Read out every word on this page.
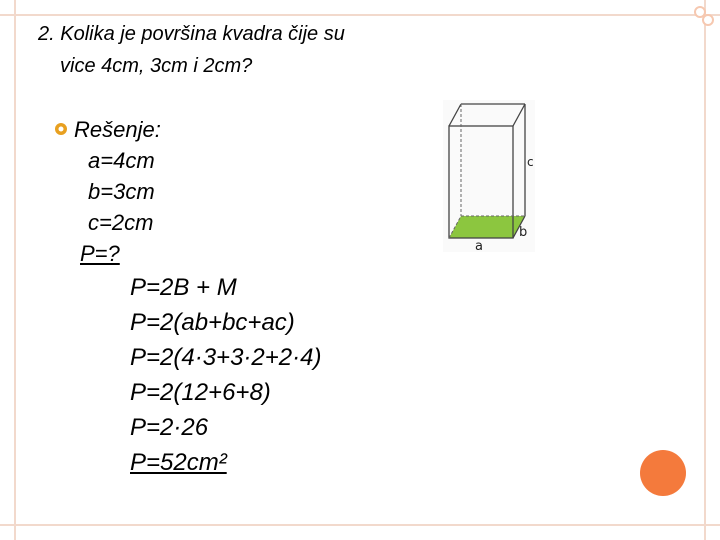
2. Kolika je površina kvadra čije su
vice 4cm, 3cm i 2cm?
Rešenje:
a=4cm
b=3cm
c=2cm
P=?
P=2B + M
P=2(ab+bc+ac)
P=2(4·3+3·2+2·4)
P=2(12+6+8)
P=2·26
P=52cm²
c
b
a
